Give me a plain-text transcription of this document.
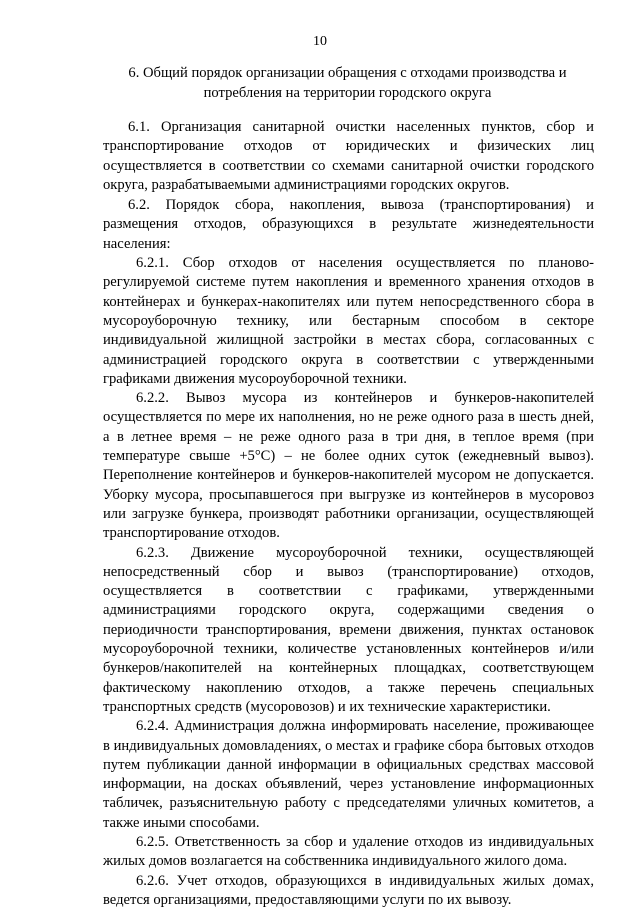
10
6. Общий порядок организации обращения с отходами производства и потребления на территории городского округа

6.1. Организация санитарной очистки населенных пунктов, сбор и транспортирование отходов от юридических и физических лиц осуществляется в соответствии со схемами санитарной очистки городского округа, разрабатываемыми администрациями городских округов.

6.2. Порядок сбора, накопления, вывоза (транспортирования) и размещения отходов, образующихся в результате жизнедеятельности населения:

6.2.1. Сбор отходов от населения осуществляется по планово-регулируемой системе путем накопления и временного хранения отходов в контейнерах и бункерах-накопителях или путем непосредственного сбора в мусороуборочную технику, или бестарным способом в секторе индивидуальной жилищной застройки в местах сбора, согласованных с администрацией городского округа в соответствии с утвержденными графиками движения мусороуборочной техники.

6.2.2. Вывоз мусора из контейнеров и бункеров-накопителей осуществляется по мере их наполнения, но не реже одного раза в шесть дней, а в летнее время – не реже одного раза в три дня, в теплое время (при температуре свыше +5°С) – не более одних суток (ежедневный вывоз). Переполнение контейнеров и бункеров-накопителей мусором не допускается. Уборку мусора, просыпавшегося при выгрузке из контейнеров в мусоровоз или загрузке бункера, производят работники организации, осуществляющей транспортирование отходов.

6.2.3. Движение мусороуборочной техники, осуществляющей непосредственный сбор и вывоз (транспортирование) отходов, осуществляется в соответствии с графиками, утвержденными администрациями городского округа, содержащими сведения о периодичности транспортирования, времени движения, пунктах остановок мусороуборочной техники, количестве установленных контейнеров и/или бункеров/накопителей на контейнерных площадках, соответствующем фактическому накоплению отходов, а также перечень специальных транспортных средств (мусоровозов) и их технические характеристики.

6.2.4. Администрация должна информировать население, проживающее в индивидуальных домовладениях, о местах и графике сбора бытовых отходов путем публикации данной информации в официальных средствах массовой информации, на досках объявлений, через установление информационных табличек, разъяснительную работу с председателями уличных комитетов, а также иными способами.

6.2.5. Ответственность за сбор и удаление отходов из индивидуальных жилых домов возлагается на собственника индивидуального жилого дома.

6.2.6. Учет отходов, образующихся в индивидуальных жилых домах, ведется организациями, предоставляющими услуги по их вывозу.
